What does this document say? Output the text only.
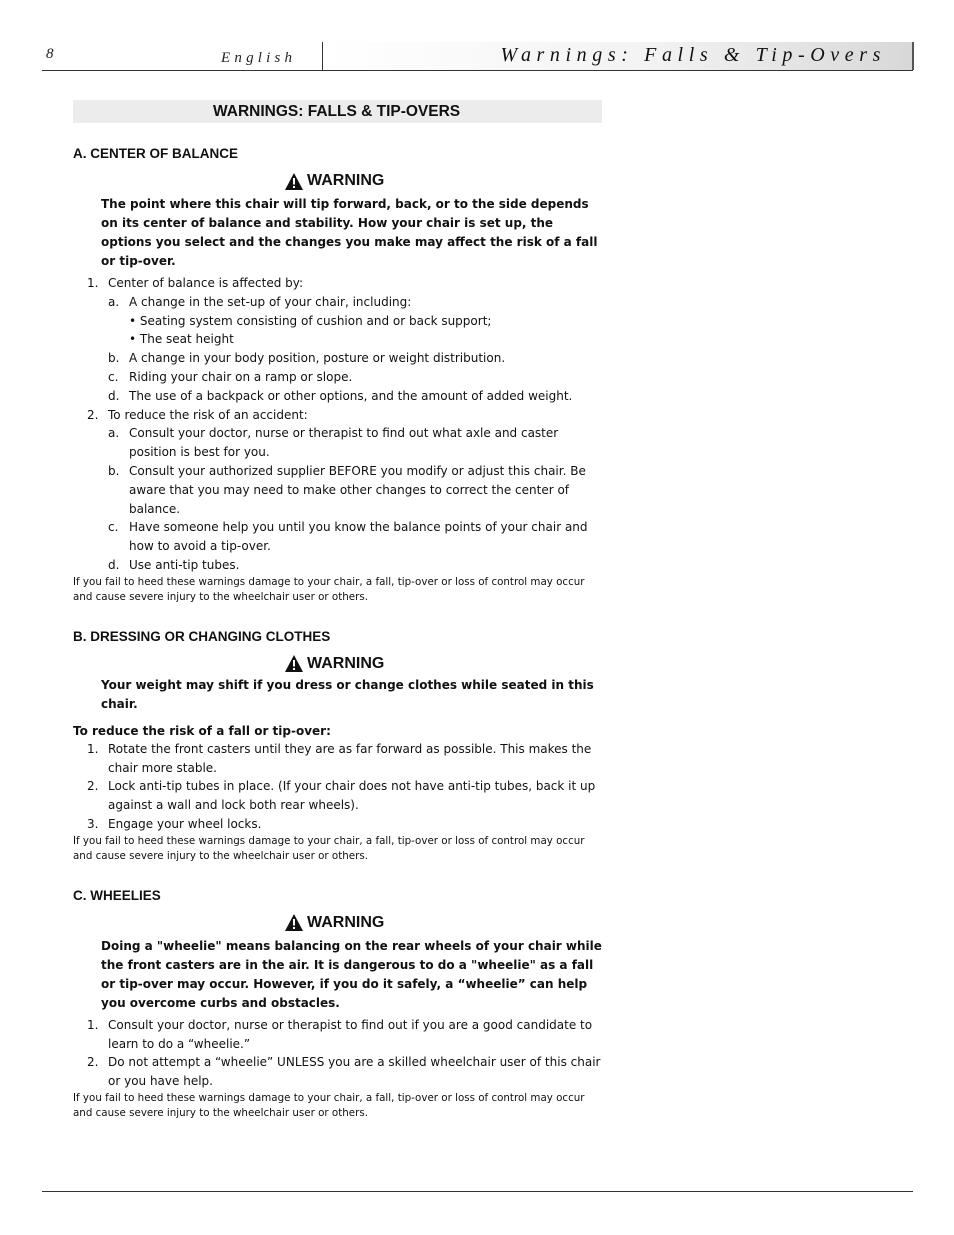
8	English	Warnings: Falls & Tip-Overs
WARNINGS: FALLS & TIP-OVERS
A. CENTER OF BALANCE
WARNING
The point where this chair will tip forward, back, or to the side depends on its center of balance and stability. How your chair is set up, the options you select and the changes you make may affect the risk of a fall or tip-over.
1. Center of balance is affected by:
a. A change in the set-up of your chair, including:
• Seating system consisting of cushion and or back support;
• The seat height
b. A change in your body position, posture or weight distribution.
c. Riding your chair on a ramp or slope.
d. The use of a backpack or other options, and the amount of added weight.
2. To reduce the risk of an accident:
a. Consult your doctor, nurse or therapist to find out what axle and caster position is best for you.
b. Consult your authorized supplier BEFORE you modify or adjust this chair. Be aware that you may need to make other changes to correct the center of balance.
c. Have someone help you until you know the balance points of your chair and how to avoid a tip-over.
d. Use anti-tip tubes.
If you fail to heed these warnings damage to your chair, a fall, tip-over or loss of control may occur and cause severe injury to the wheelchair user or others.
B. DRESSING OR CHANGING CLOTHES
WARNING
Your weight may shift if you dress or change clothes while seated in this chair.
To reduce the risk of a fall or tip-over:
1. Rotate the front casters until they are as far forward as possible. This makes the chair more stable.
2. Lock anti-tip tubes in place. (If your chair does not have anti-tip tubes, back it up against a wall and lock both rear wheels).
3. Engage your wheel locks.
If you fail to heed these warnings damage to your chair, a fall, tip-over or loss of control may occur and cause severe injury to the wheelchair user or others.
C. WHEELIES
WARNING
Doing a "wheelie" means balancing on the rear wheels of your chair while the front casters are in the air. It is dangerous to do a "wheelie" as a fall or tip-over may occur. However, if you do it safely, a “wheelie” can help you overcome curbs and obstacles.
1. Consult your doctor, nurse or therapist to find out if you are a good candidate to learn to do a “wheelie.”
2. Do not attempt a “wheelie” UNLESS you are a skilled wheelchair user of this chair or you have help.
If you fail to heed these warnings damage to your chair, a fall, tip-over or loss of control may occur and cause severe injury to the wheelchair user or others.
